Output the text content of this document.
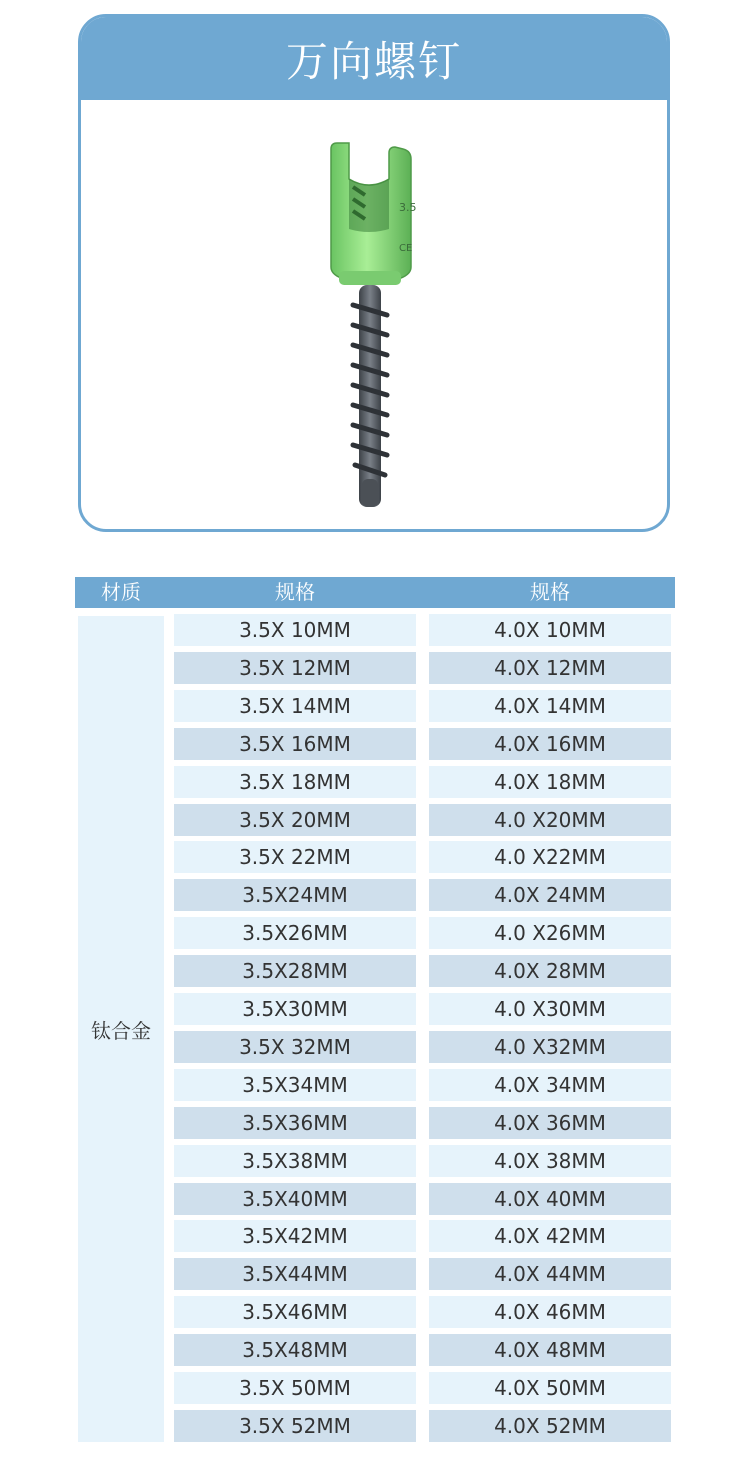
万向螺钉
3.5
CE
材质	规格	规格
钛合金
3.5X 10MM	4.0X 10MM
3.5X 12MM	4.0X 12MM
3.5X 14MM	4.0X 14MM
3.5X 16MM	4.0X 16MM
3.5X 18MM	4.0X 18MM
3.5X 20MM	4.0 X20MM
3.5X 22MM	4.0 X22MM
3.5X24MM	4.0X 24MM
3.5X26MM	4.0 X26MM
3.5X28MM	4.0X 28MM
3.5X30MM	4.0 X30MM
3.5X 32MM	4.0 X32MM
3.5X34MM	4.0X 34MM
3.5X36MM	4.0X 36MM
3.5X38MM	4.0X 38MM
3.5X40MM	4.0X 40MM
3.5X42MM	4.0X 42MM
3.5X44MM	4.0X 44MM
3.5X46MM	4.0X 46MM
3.5X48MM	4.0X 48MM
3.5X 50MM	4.0X 50MM
3.5X 52MM	4.0X 52MM
